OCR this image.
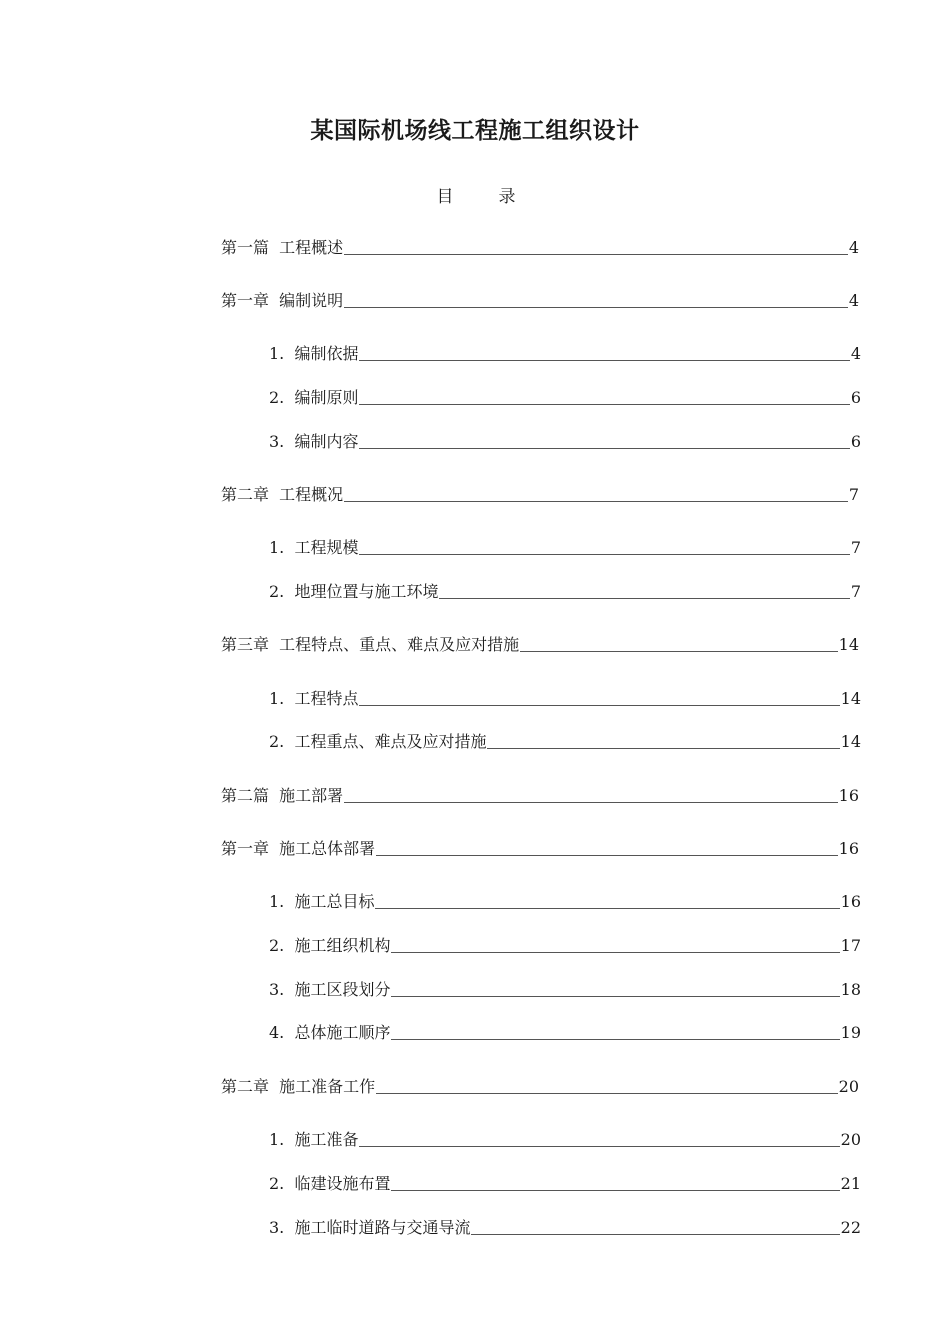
某国际机场线工程施工组织设计
目　录
第一篇  工程概述	4
第一章  编制说明	4
1.  编制依据	4
2.  编制原则	6
3.  编制内容	6
第二章  工程概况	7
1.  工程规模	7
2.  地理位置与施工环境	7
第三章  工程特点、重点、难点及应对措施	14
1.  工程特点	14
2.  工程重点、难点及应对措施	14
第二篇  施工部署	16
第一章  施工总体部署	16
1.  施工总目标	16
2.  施工组织机构	17
3.  施工区段划分	18
4.  总体施工顺序	19
第二章  施工准备工作	20
1.  施工准备	20
2.  临建设施布置	21
3.  施工临时道路与交通导流	22
